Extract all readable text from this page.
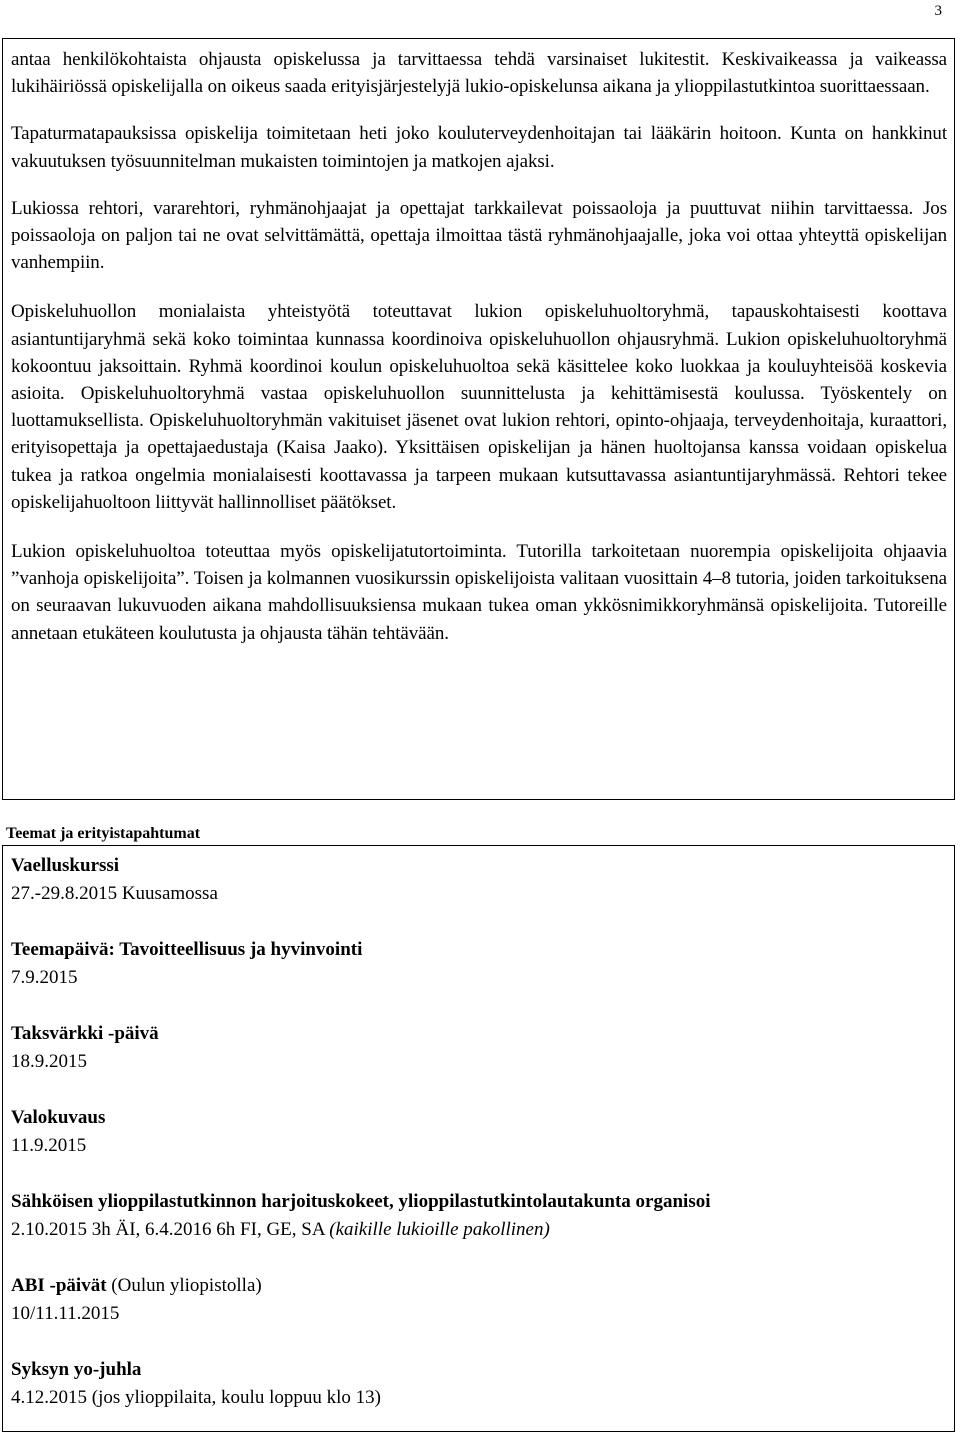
3

antaa henkilökohtaista ohjausta opiskelussa ja tarvittaessa tehdä varsinaiset lukitestit. Keskivaikeassa ja vaikeassa lukihäiriössä opiskelijalla on oikeus saada erityisjärjestelyjä lukio-opiskelunsa aikana ja ylioppilastutkintoa suorittaessaan.

Tapaturmatapauksissa opiskelija toimitetaan heti joko kouluterveydenhoitajan tai lääkärin hoitoon. Kunta on hankkinut vakuutuksen työsuunnitelman mukaisten toimintojen ja matkojen ajaksi.

Lukiossa rehtori, vararehtori, ryhmänohjaajat ja opettajat tarkkailevat poissaoloja ja puuttuvat niihin tarvittaessa. Jos poissaoloja on paljon tai ne ovat selvittämättä, opettaja ilmoittaa tästä ryhmänohjaajalle, joka voi ottaa yhteyttä opiskelijan vanhempiin.

Opiskeluhuollon monialaista yhteistyötä toteuttavat lukion opiskeluhuoltoryhmä, tapauskohtaisesti koottava asiantuntijaryhmä sekä koko toimintaa kunnassa koordinoiva opiskeluhuollon ohjausryhmä. Lukion opiskeluhuoltoryhmä kokoontuu jaksoittain. Ryhmä koordinoi koulun opiskeluhuoltoa sekä käsittelee koko luokkaa ja kouluyhteisöä koskevia asioita. Opiskeluhuoltoryhmä vastaa opiskeluhuollon suunnittelusta ja kehittämisestä koulussa. Työskentely on luottamuksellista. Opiskeluhuoltoryhmän vakituiset jäsenet ovat lukion rehtori, opinto-ohjaaja, terveydenhoitaja, kuraattori, erityisopettaja ja opettajaedustaja (Kaisa Jaako). Yksittäisen opiskelijan ja hänen huoltojansa kanssa voidaan opiskelua tukea ja ratkoa ongelmia monialaisesti koottavassa ja tarpeen mukaan kutsuttavassa asiantuntijaryhmässä. Rehtori tekee opiskelijahuoltoon liittyvät hallinnolliset päätökset.

Lukion opiskeluhuoltoa toteuttaa myös opiskelijatutortoiminta. Tutorilla tarkoitetaan nuorempia opiskelijoita ohjaavia ”vanhoja opiskelijoita”. Toisen ja kolmannen vuosikurssin opiskelijoista valitaan vuosittain 4–8 tutoria, joiden tarkoituksena on seuraavan lukuvuoden aikana mahdollisuuksiensa mukaan tukea oman ykkösnimikkoryhmänsä opiskelijoita. Tutoreille annetaan etukäteen koulutusta ja ohjausta tähän tehtävään.

Teemat ja erityistapahtumat
Vaelluskurssi
27.-29.8.2015 Kuusamossa
Teemapäivä: Tavoitteellisuus ja hyvinvointi
7.9.2015
Taksvärkki -päivä
18.9.2015
Valokuvaus
11.9.2015
Sähköisen ylioppilastutkinnon harjoituskokeet, ylioppilastutkintolautakunta organisoi
2.10.2015 3h ÄI, 6.4.2016 6h FI, GE, SA (kaikille lukioille pakollinen)
ABI -päivät (Oulun yliopistolla)
10/11.11.2015
Syksyn yo-juhla
4.12.2015 (jos ylioppilaita, koulu loppuu klo 13)
